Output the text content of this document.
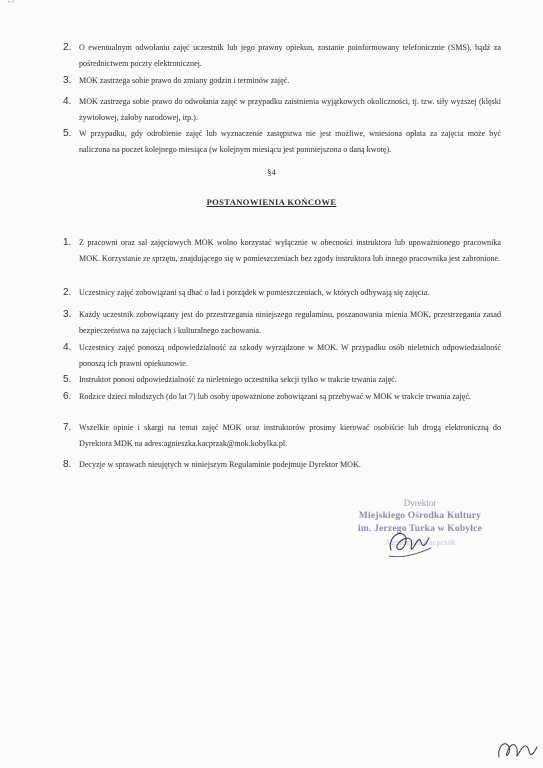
• ^
2. O ewentualnym odwołaniu zajęć uczestnik lub jego prawny opiekun, zostanie poinformowany telefonicznie (SMS), bądź za pośrednictwem poczty elektronicznej.
3. MOK zastrzega sobie prawo do zmiany godzin i terminów zajęć.
4. MOK zastrzega sobie prawo do odwołania zajęć w przypadku zaistnienia wyjątkowych okoliczności, tj. tzw. siły wyższej (klęski żywiołowej, żałoby narodowej, itp.).
5. W przypadku, gdy odrobienie zajęć lub wyznaczenie zastępstwa nie jest możliwe, wniesiona opłata za zajęcia może być naliczona na poczet kolejnego miesiąca (w kolejnym miesiącu jest pomniejszona o daną kwotę).
§4
POSTANOWIENIA KOŃCOWE
1. Z pracowni oraz sal zajęciowych MOK wolno korzystać wyłącznie w obecności instruktora lub upoważnionego pracownika MOK. Korzystanie ze sprzętu, znajdującego się w pomieszczeniach bez zgody instruktora lub innego pracownika jest zabronione.
2. Uczestnicy zajęć zobowiązani są dbać o ład i porządek w pomieszczeniach, w których odbywają się zajęcia.
3. Każdy uczestnik zobowiązany jest do przestrzegania niniejszego regulaminu, poszanowania mienia MOK, przestrzegania zasad bezpieczeństwa na zajęciach i kulturalnego zachowania.
4. Uczestnicy zajęć ponoszą odpowiedzialność za szkody wyrządzone w MOK. W przypadku osób nieletnich odpowiedzialność ponoszą ich prawni opiekunowie.
5. Instruktor ponosi odpowiedzialność za nieletniego uczestnika sekcji tylko w trakcie trwania zajęć.
6. Rodzice dzieci młodszych (do lat 7) lub osoby upoważnione zobowiązani są przebywać w MOK w trakcie trwania zajęć.
7. Wszelkie opinie i skargi na temat zajęć MOK oraz instruktorów prosimy kierować osobiście lub drogą elektroniczną do Dyrektora MDK na adres:agnieszka.kacprzak@mok.kobylka.pl.
8. Decyzje w sprawach nieujętych w niniejszym Regulaminie podejmuje Dyrektor MOK.
Dyrektor
Miejskiego Ośrodka Kultury
im. Jerzego Turka w Kobyłce
Agnieszka Kacprzak
